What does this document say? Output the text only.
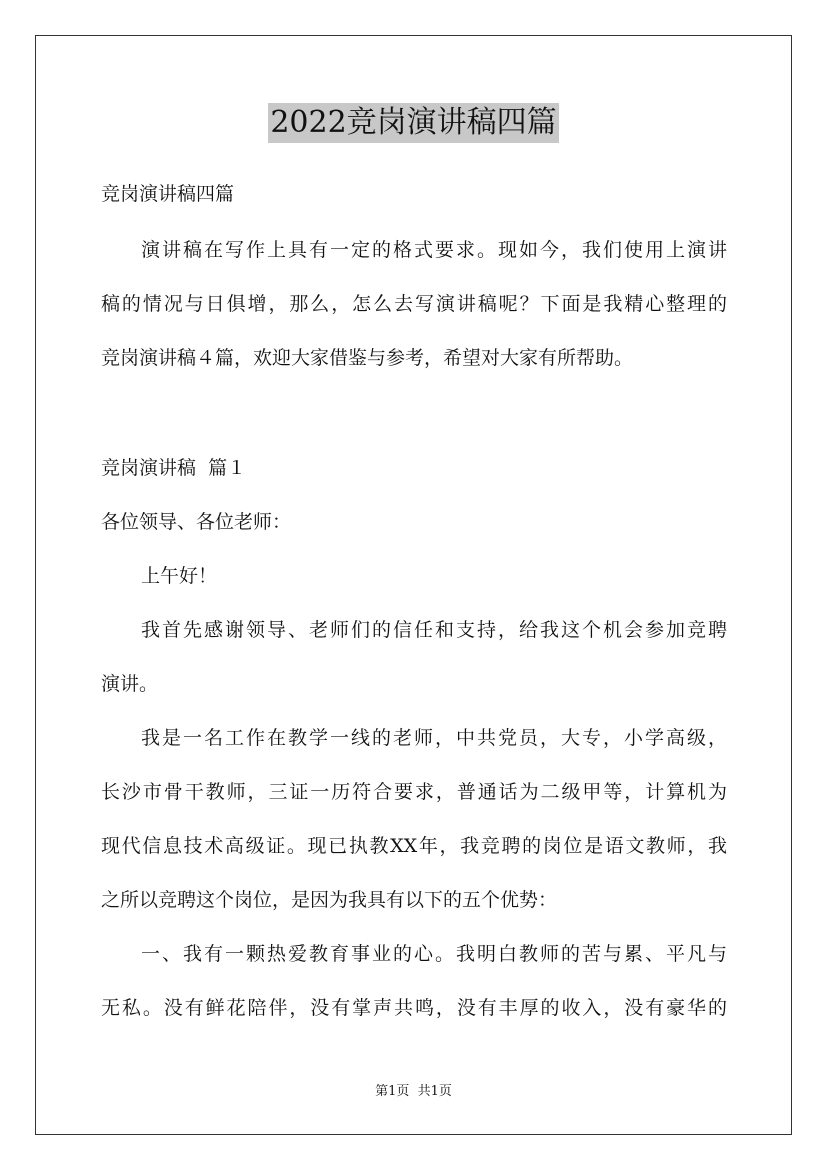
2022竞岗演讲稿四篇
竞岗演讲稿四篇
演讲稿在写作上具有一定的格式要求。现如今，我们使用上演讲
稿的情况与日俱增，那么，怎么去写演讲稿呢？下面是我精心整理的
竞岗演讲稿４篇，欢迎大家借鉴与参考，希望对大家有所帮助。
竞岗演讲稿  篇１
各位领导、各位老师：
上午好！
我首先感谢领导、老师们的信任和支持，给我这个机会参加竞聘
演讲。
我是一名工作在教学一线的老师，中共党员，大专，小学高级，
长沙市骨干教师，三证一历符合要求，普通话为二级甲等，计算机为
现代信息技术高级证。现已执教XX年，我竞聘的岗位是语文教师，我
之所以竞聘这个岗位，是因为我具有以下的五个优势：
一、我有一颗热爱教育事业的心。我明白教师的苦与累、平凡与
无私。没有鲜花陪伴，没有掌声共鸣，没有丰厚的收入，没有豪华的
第1页  共1页
